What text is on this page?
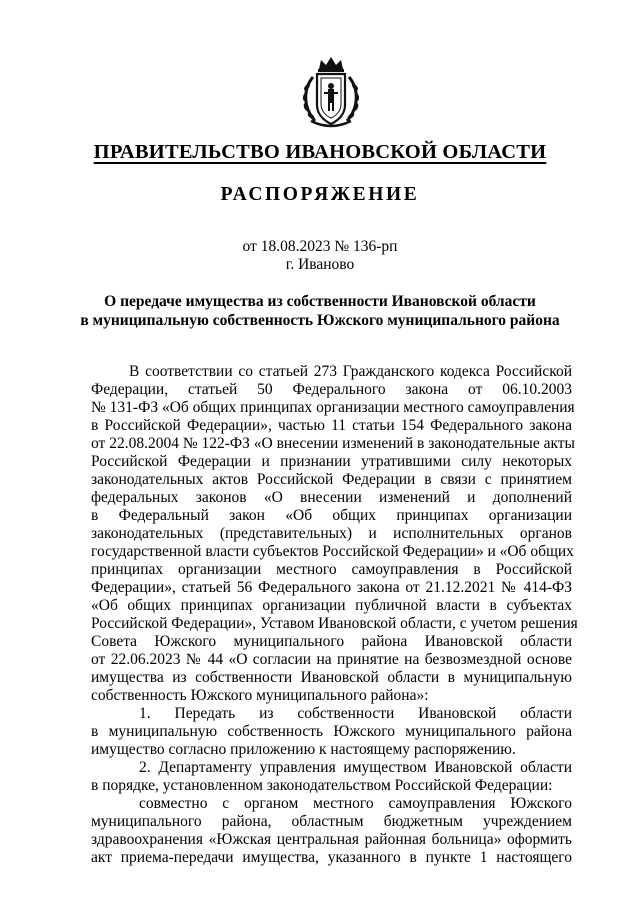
ПРАВИТЕЛЬСТВО ИВАНОВСКОЙ ОБЛАСТИ
РАСПОРЯЖЕНИЕ
от 18.08.2023 № 136-рп
г. Иваново
О передаче имущества из собственности Ивановской области
в муниципальную собственность Южского муниципального района
В соответствии со статьей 273 Гражданского кодекса Российской
Федерации, статьей 50 Федерального закона от 06.10.2003
№ 131-ФЗ «Об общих принципах организации местного самоуправления
в Российской Федерации», частью 11 статьи 154 Федерального закона
от 22.08.2004 № 122-ФЗ «О внесении изменений в законодательные акты
Российской Федерации и признании утратившими силу некоторых
законодательных актов Российской Федерации в связи с принятием
федеральных законов «О внесении изменений и дополнений
в Федеральный закон «Об общих принципах организации
законодательных (представительных) и исполнительных органов
государственной власти субъектов Российской Федерации» и «Об общих
принципах организации местного самоуправления в Российской
Федерации», статьей 56 Федерального закона от 21.12.2021 № 414-ФЗ
«Об общих принципах организации публичной власти в субъектах
Российской Федерации», Уставом Ивановской области, с учетом решения
Совета Южского муниципального района Ивановской области
от 22.06.2023 № 44 «О согласии на принятие на безвозмездной основе
имущества из собственности Ивановской области в муниципальную
собственность Южского муниципального района»:
1. Передать из собственности Ивановской области
в муниципальную собственность Южского муниципального района
имущество согласно приложению к настоящему распоряжению.
2. Департаменту управления имуществом Ивановской области
в порядке, установленном законодательством Российской Федерации:
совместно с органом местного самоуправления Южского
муниципального района, областным бюджетным учреждением
здравоохранения «Южская центральная районная больница» оформить
акт приема-передачи имущества, указанного в пункте 1 настоящего
